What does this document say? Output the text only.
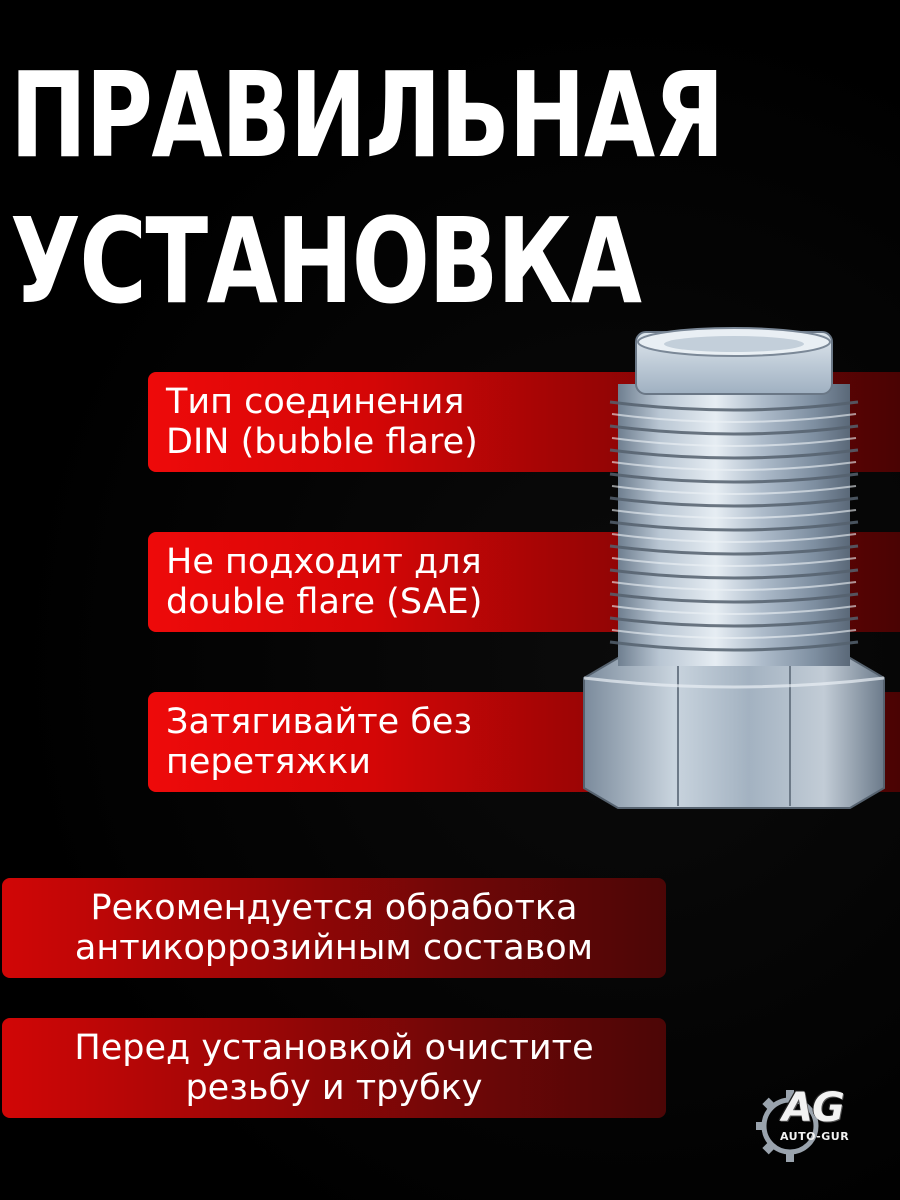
ПРАВИЛЬНАЯ
УСТАНОВКА
Тип соединения
DIN (bubble flare)
Не подходит для
double flare (SAE)
Затягивайте без
перетяжки
Рекомендуется обработка
антикоррозийным составом
Перед установкой очистите
резьбу и трубку	AG
AUTO-GUR
